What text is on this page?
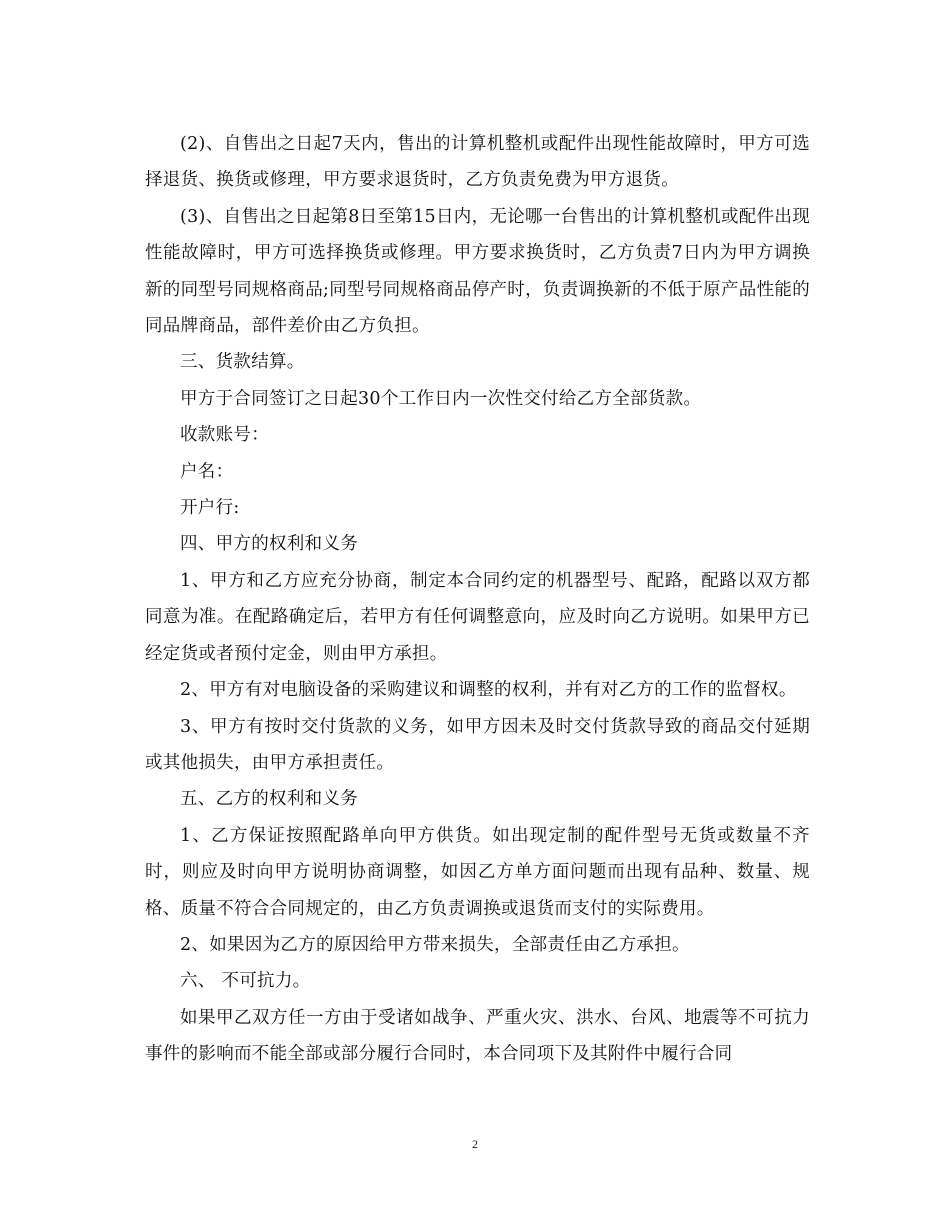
(2)、自售出之日起7天内，售出的计算机整机或配件出现性能故障时，甲方可选择退货、换货或修理，甲方要求退货时，乙方负责免费为甲方退货。

(3)、自售出之日起第8日至第15日内，无论哪一台售出的计算机整机或配件出现性能故障时，甲方可选择换货或修理。甲方要求换货时，乙方负责7日内为甲方调换新的同型号同规格商品;同型号同规格商品停产时，负责调换新的不低于原产品性能的同品牌商品，部件差价由乙方负担。

三、货款结算。

甲方于合同签订之日起30个工作日内一次性交付给乙方全部货款。

收款账号：

户名：

开户行:

四、甲方的权利和义务

1、甲方和乙方应充分协商，制定本合同约定的机器型号、配路，配路以双方都同意为准。在配路确定后，若甲方有任何调整意向，应及时向乙方说明。如果甲方已经定货或者预付定金，则由甲方承担。

2、甲方有对电脑设备的采购建议和调整的权利，并有对乙方的工作的监督权。

3、甲方有按时交付货款的义务，如甲方因未及时交付货款导致的商品交付延期或其他损失，由甲方承担责任。

五、乙方的权利和义务

1、乙方保证按照配路单向甲方供货。如出现定制的配件型号无货或数量不齐时，则应及时向甲方说明协商调整，如因乙方单方面问题而出现有品种、数量、规格、质量不符合合同规定的，由乙方负责调换或退货而支付的实际费用。

2、如果因为乙方的原因给甲方带来损失，全部责任由乙方承担。

六、 不可抗力。

如果甲乙双方任一方由于受诸如战争、严重火灾、洪水、台风、地震等不可抗力事件的影响而不能全部或部分履行合同时，本合同项下及其附件中履行合同

2
